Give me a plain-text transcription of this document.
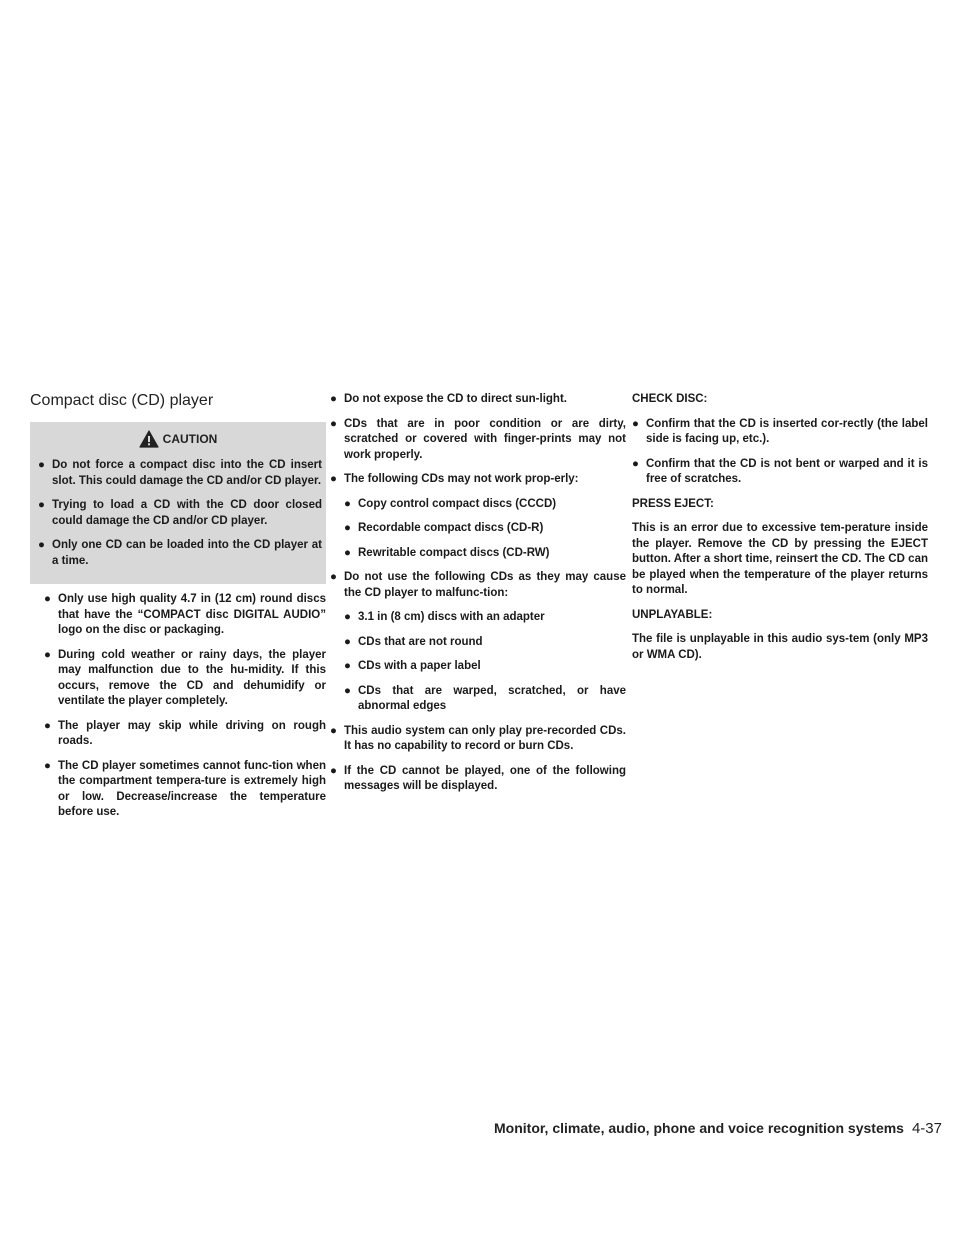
Compact disc (CD) player
CAUTION
● Do not force a compact disc into the CD insert slot. This could damage the CD and/or CD player.
● Trying to load a CD with the CD door closed could damage the CD and/or CD player.
● Only one CD can be loaded into the CD player at a time.
● Only use high quality 4.7 in (12 cm) round discs that have the “COMPACT disc DIGITAL AUDIO” logo on the disc or packaging.
● During cold weather or rainy days, the player may malfunction due to the hu-midity. If this occurs, remove the CD and dehumidify or ventilate the player completely.
● The player may skip while driving on rough roads.
● The CD player sometimes cannot func-tion when the compartment tempera-ture is extremely high or low. Decrease/increase the temperature before use.
● Do not expose the CD to direct sun-light.
● CDs that are in poor condition or are dirty, scratched or covered with finger-prints may not work properly.
● The following CDs may not work prop-erly:
● Copy control compact discs (CCCD)
● Recordable compact discs (CD-R)
● Rewritable compact discs (CD-RW)
● Do not use the following CDs as they may cause the CD player to malfunc-tion:
● 3.1 in (8 cm) discs with an adapter
● CDs that are not round
● CDs with a paper label
● CDs that are warped, scratched, or have abnormal edges
● This audio system can only play pre-recorded CDs. It has no capability to record or burn CDs.
● If the CD cannot be played, one of the following messages will be displayed.
CHECK DISC:
● Confirm that the CD is inserted cor-rectly (the label side is facing up, etc.).
● Confirm that the CD is not bent or warped and it is free of scratches.
PRESS EJECT:
This is an error due to excessive tem-perature inside the player. Remove the CD by pressing the EJECT button. After a short time, reinsert the CD. The CD can be played when the temperature of the player returns to normal.
UNPLAYABLE:
The file is unplayable in this audio sys-tem (only MP3 or WMA CD).
Monitor, climate, audio, phone and voice recognition systems 4-37
